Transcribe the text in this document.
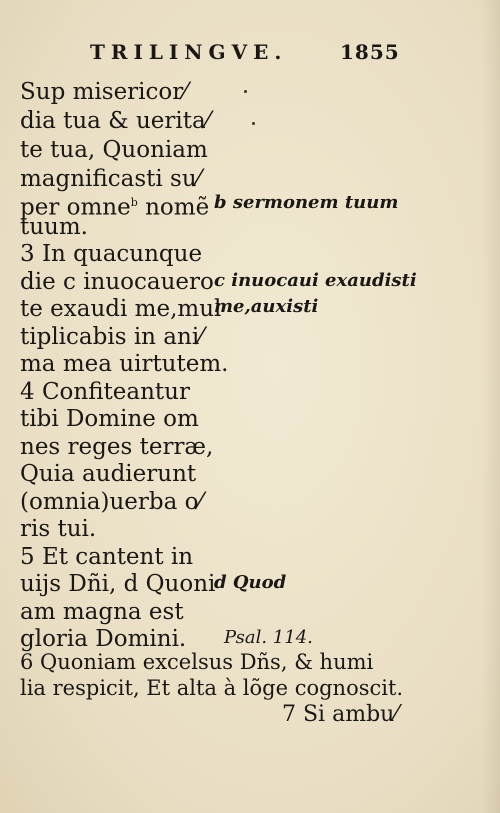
TRILINGVE.	1855
Sup misericor⁄
dia tua & uerita⁄
te tua, Quoniam
magnificasti su⁄
per omne$^b$ nomẽ
tuum.
3 In quacunque
die c inuocauero
te exaudi me,mul
tiplicabis in ani⁄
ma mea uirtutem.
4 Confiteantur
tibi Domine om
nes reges terræ,
Quia audierunt
(omnia)uerba o⁄
ris tui.
5 Et cantent in
uijs Dñi, d Quoni
am magna est
gloria Domini.
6 Quoniam excelsus Dñs, & humi
lia respicit, Et alta à lõge cognoscit.
b sermonem tuum
c inuocaui exaudisti
me,auxisti
d Quod
Psal. 114.
7 Si ambu⁄
